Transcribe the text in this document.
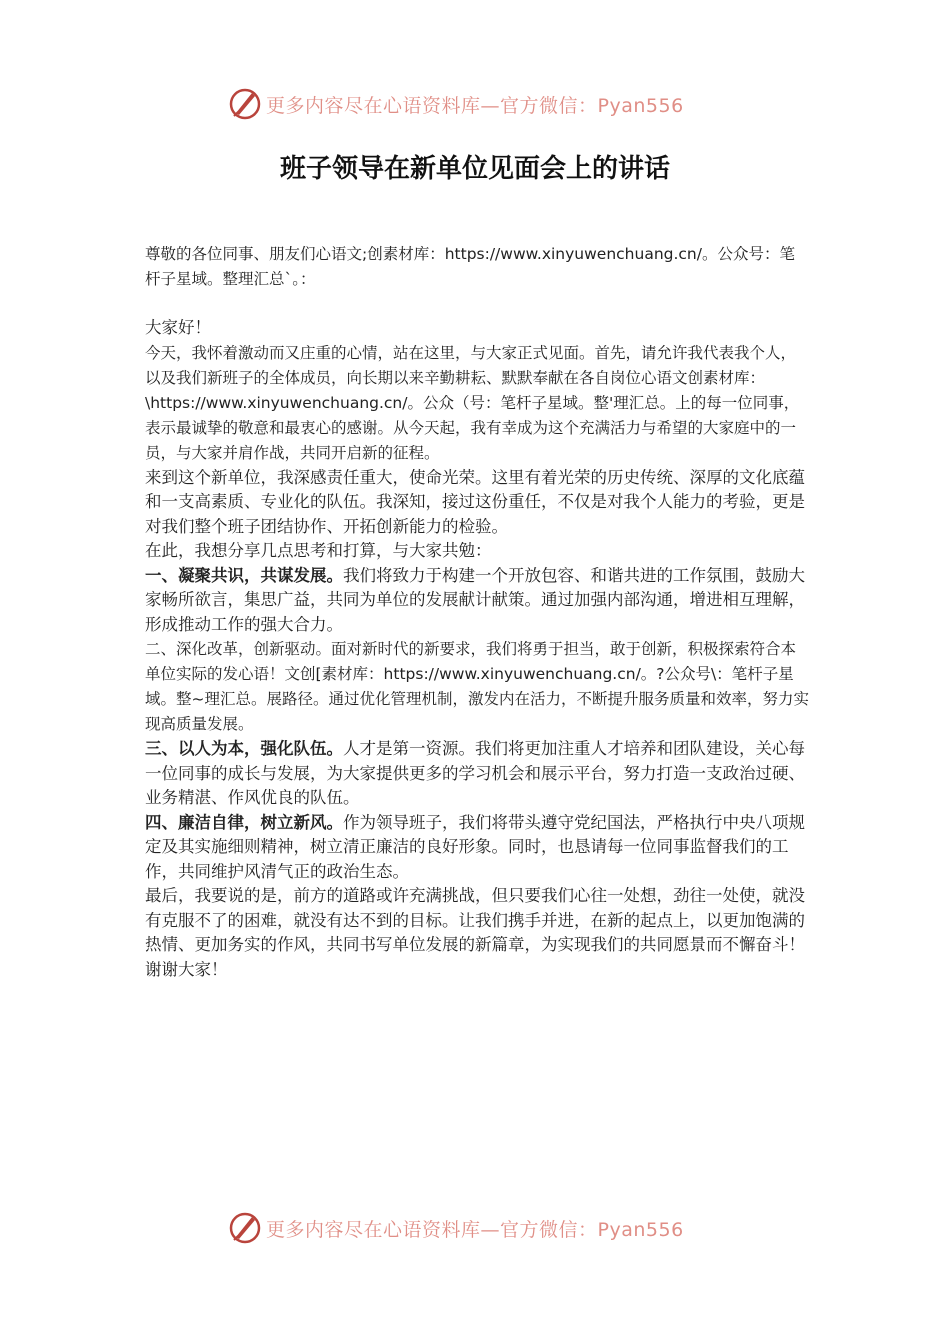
更多内容尽在心语资料库—官方微信：Pyan556
班子领导在新单位见面会上的讲话

尊敬的各位同事、朋友们心语文;创素材库：https://www.xinyuwenchuang.cn/。公众号：笔杆子星域。整理汇总`。：

大家好！

今天，我怀着激动而又庄重的心情，站在这里，与大家正式见面。首先，请允许我代表我个人，以及我们新班子的全体成员，向长期以来辛勤耕耘、默默奉献在各自岗位心语文创素材库：\https://www.xinyuwenchuang.cn/。公众（号：笔杆子星域。整'理汇总。上的每一位同事，表示最诚挚的敬意和最衷心的感谢。从今天起，我有幸成为这个充满活力与希望的大家庭中的一员，与大家并肩作战，共同开启新的征程。

来到这个新单位，我深感责任重大，使命光荣。这里有着光荣的历史传统、深厚的文化底蕴和一支高素质、专业化的队伍。我深知，接过这份重任，不仅是对我个人能力的考验，更是对我们整个班子团结协作、开拓创新能力的检验。

在此，我想分享几点思考和打算，与大家共勉：

一、凝聚共识，共谋发展。我们将致力于构建一个开放包容、和谐共进的工作氛围，鼓励大家畅所欲言，集思广益，共同为单位的发展献计献策。通过加强内部沟通，增进相互理解，形成推动工作的强大合力。

二、深化改革，创新驱动。面对新时代的新要求，我们将勇于担当，敢于创新，积极探索符合本单位实际的发心语！文创[素材库：https://www.xinyuwenchuang.cn/。?公众号\：笔杆子星域。整~理汇总。展路径。通过优化管理机制，激发内在活力，不断提升服务质量和效率，努力实现高质量发展。

三、以人为本，强化队伍。人才是第一资源。我们将更加注重人才培养和团队建设，关心每一位同事的成长与发展，为大家提供更多的学习机会和展示平台，努力打造一支政治过硬、业务精湛、作风优良的队伍。

四、廉洁自律，树立新风。作为领导班子，我们将带头遵守党纪国法，严格执行中央八项规定及其实施细则精神，树立清正廉洁的良好形象。同时，也恳请每一位同事监督我们的工作，共同维护风清气正的政治生态。

最后，我要说的是，前方的道路或许充满挑战，但只要我们心往一处想，劲往一处使，就没有克服不了的困难，就没有达不到的目标。让我们携手并进，在新的起点上，以更加饱满的热情、更加务实的作风，共同书写单位发展的新篇章，为实现我们的共同愿景而不懈奋斗！

谢谢大家！

更多内容尽在心语资料库—官方微信：Pyan556
